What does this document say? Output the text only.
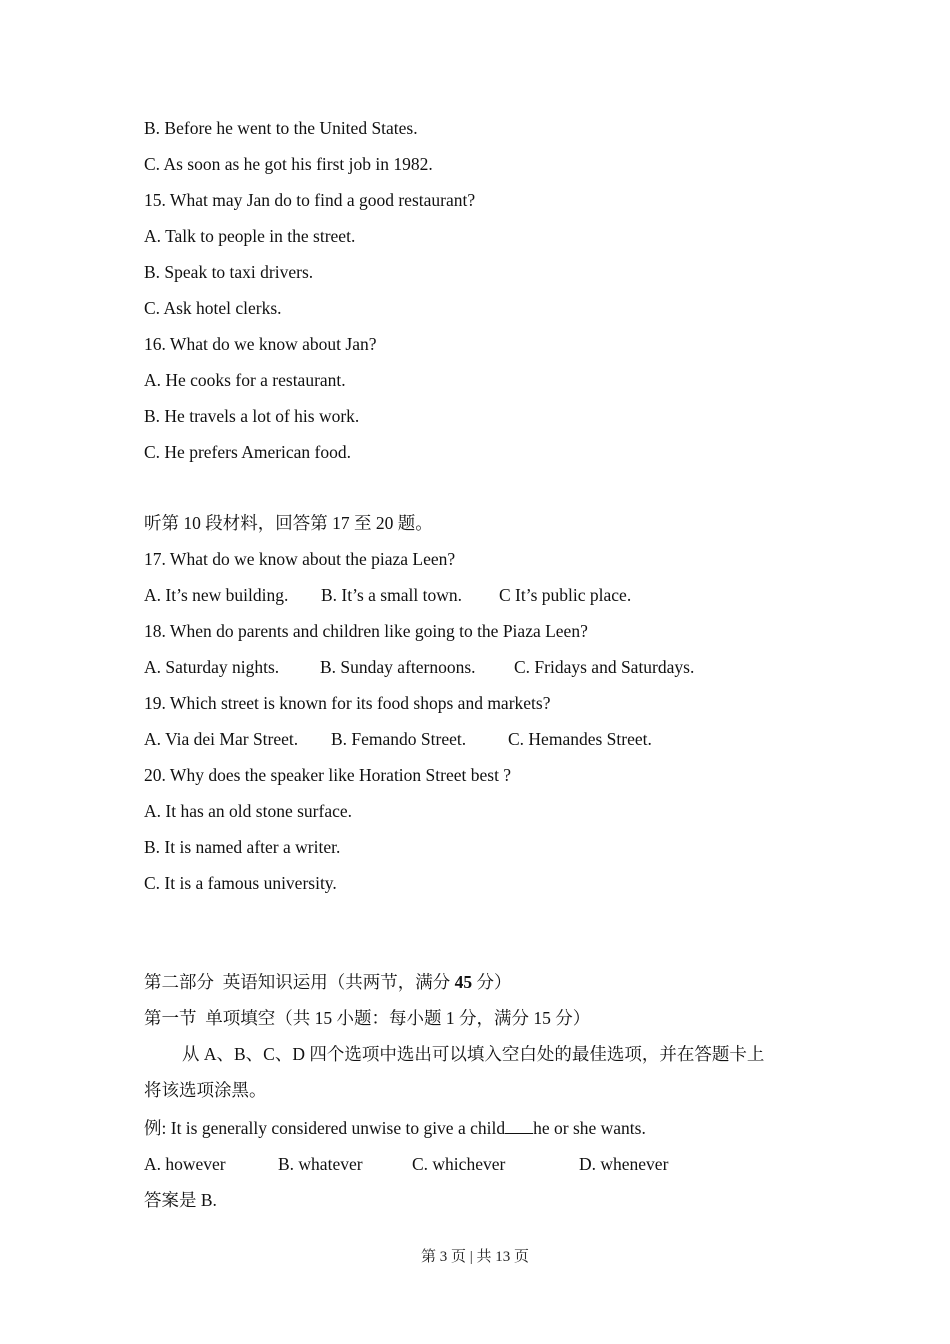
B. Before he went to the United States.
C. As soon as he got his first job in 1982.
15. What may Jan do to find a good restaurant?
A. Talk to people in the street.
B. Speak to taxi drivers.
C. Ask hotel clerks.
16. What do we know about Jan?
A. He cooks for a restaurant.
B. He travels a lot of his work.
C. He prefers American food.
听第 10 段材料，回答第 17 至 20 题。
17. What do we know about the piaza Leen?
A. It’s new building. B. It’s a small town. C It’s public place.
18. When do parents and children like going to the Piaza Leen?
A. Saturday nights. B. Sunday afternoons. C. Fridays and Saturdays.
19. Which street is known for its food shops and markets?
A. Via dei Mar Street. B. Femando Street. C. Hemandes Street.
20. Why does the speaker like Horation Street best ?
A. It has an old stone surface.
B. It is named after a writer.
C. It is a famous university.
第二部分  英语知识运用（共两节，满分 45 分）
第一节  单项填空（共 15 小题：每小题 1 分，满分 15 分）
从 A、B、C、D 四个选项中选出可以填入空白处的最佳选项，并在答题卡上
将该选项涂黑。
例: It is generally considered unwise to give a child he or she wants.
A. however	B. whatever	C. whichever	D. whenever
答案是 B.
第 3 页 | 共 13 页
